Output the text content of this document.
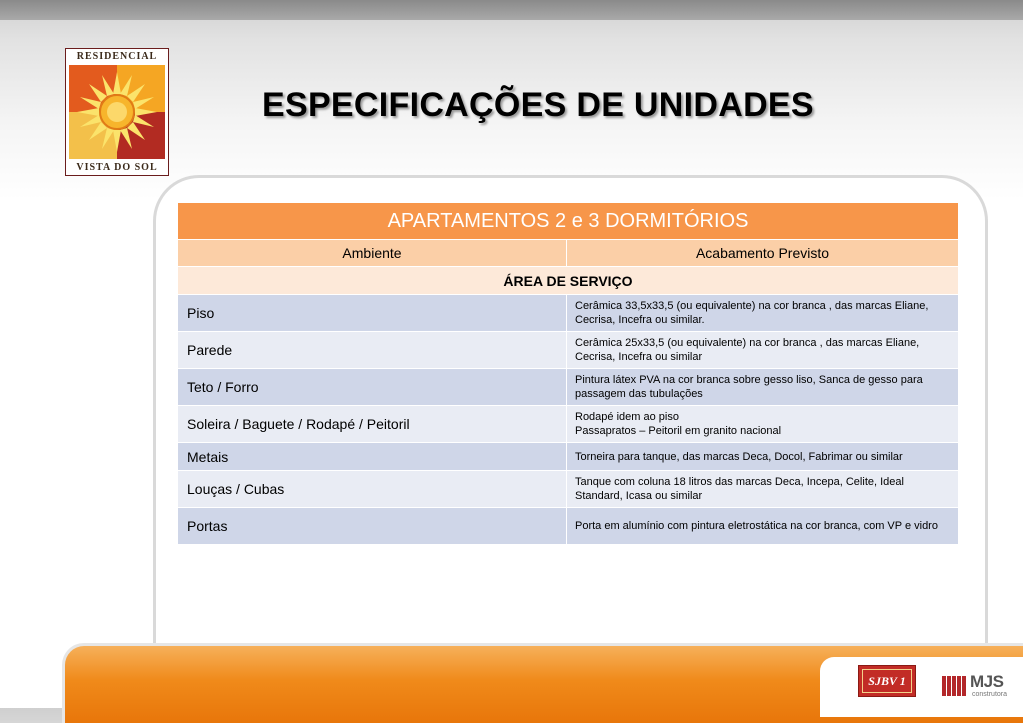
RESIDENCIAL
VISTA DO SOL
ESPECIFICAÇÕES DE UNIDADES
APARTAMENTOS 2 e 3 DORMITÓRIOS	
Ambiente	Acabamento Previsto
ÁREA DE SERVIÇO	
Piso	Cerâmica 33,5x33,5 (ou equivalente) na cor branca , das marcas Eliane, Cecrisa, Incefra ou similar.
Parede	Cerâmica 25x33,5 (ou equivalente) na cor branca , das marcas Eliane, Cecrisa, Incefra ou similar
Teto / Forro	Pintura látex PVA na cor branca sobre gesso liso, Sanca de gesso para passagem das tubulações
Soleira / Baguete / Rodapé / Peitoril	Rodapé idem ao piso
Passapratos – Peitoril em granito nacional

Metais	Torneira para tanque, das marcas Deca, Docol, Fabrimar ou similar
Louças / Cubas	Tanque com coluna 18 litros das marcas Deca, Incepa, Celite, Ideal Standard, Icasa ou similar
Portas	Porta em alumínio com pintura eletrostática na cor branca, com VP e vidro
SJBV 1	MJS
construtora
